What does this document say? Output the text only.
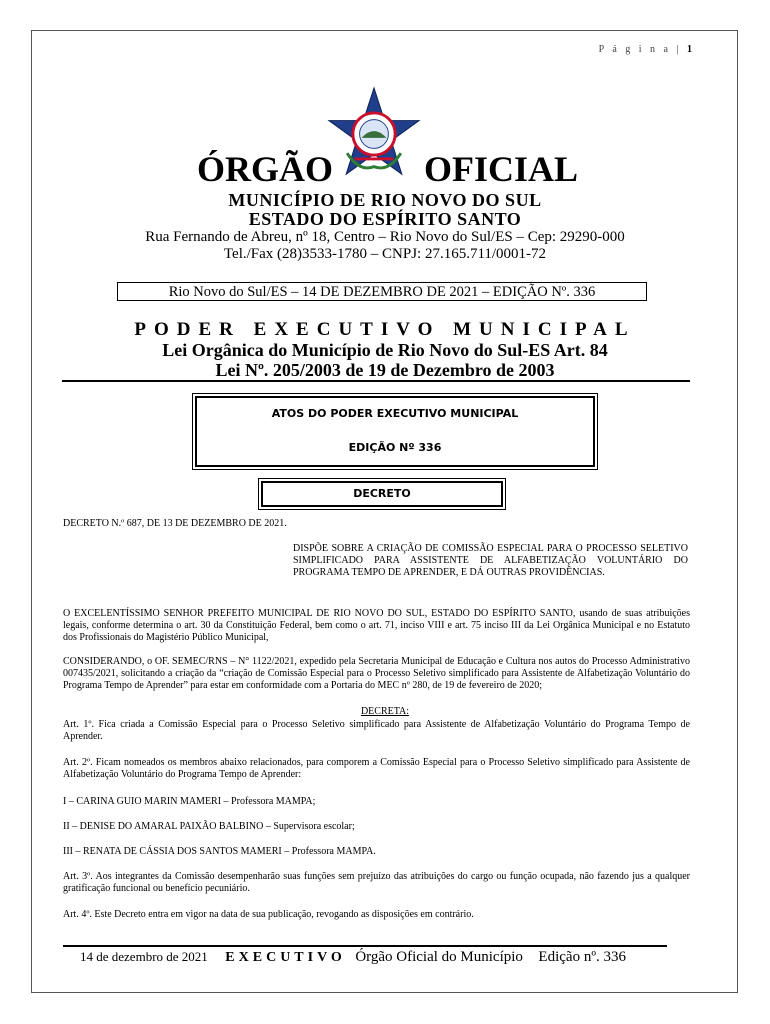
P á g i n a | 1
ÓRGÃO	OFICIAL
MUNICÍPIO DE RIO NOVO DO SUL
ESTADO DO ESPÍRITO SANTO
Rua Fernando de Abreu, nº 18, Centro – Rio Novo do Sul/ES – Cep: 29290-000
Tel./Fax (28)3533-1780 – CNPJ: 27.165.711/0001-72
Rio Novo do Sul/ES – 14 DE DEZEMBRO DE 2021 – EDIÇÃO Nº. 336
PODER EXECUTIVO MUNICIPAL
Lei Orgânica do Município de Rio Novo do Sul-ES Art. 84
Lei Nº. 205/2003 de 19 de Dezembro de 2003
ATOS DO PODER EXECUTIVO MUNICIPAL
EDIÇÃO Nº 336
DECRETO
DECRETO N.º 687, DE 13 DE DEZEMBRO DE 2021.
DISPÕE SOBRE A CRIAÇÃO DE COMISSÃO ESPECIAL PARA O PROCESSO SELETIVO SIMPLIFICADO PARA ASSISTENTE DE ALFABETIZAÇÃO VOLUNTÁRIO DO PROGRAMA TEMPO DE APRENDER, E DÁ OUTRAS PROVIDÊNCIAS.
O EXCELENTÍSSIMO SENHOR PREFEITO MUNICIPAL DE RIO NOVO DO SUL, ESTADO DO ESPÍRITO SANTO, usando de suas atribuições legais, conforme determina o art. 30 da Constituição Federal, bem como o art. 71, inciso VIII e art. 75 inciso III da Lei Orgânica Municipal e no Estatuto dos Profissionais do Magistério Público Municipal,
CONSIDERANDO, o OF. SEMEC/RNS – N° 1122/2021, expedido pela Secretaria Municipal de Educação e Cultura nos autos do Processo Administrativo 007435/2021, solicitando a criação da “criação de Comissão Especial para o Processo Seletivo simplificado para Assistente de Alfabetização Voluntário do Programa Tempo de Aprender” para estar em conformidade com a Portaria do MEC nº 280, de 19 de fevereiro de 2020;
DECRETA:
Art. 1º. Fica criada a Comissão Especial para o Processo Seletivo simplificado para Assistente de Alfabetização Voluntário do Programa Tempo de Aprender.
Art. 2º. Ficam nomeados os membros abaixo relacionados, para comporem a Comissão Especial para o Processo Seletivo simplificado para Assistente de Alfabetização Voluntário do Programa Tempo de Aprender:
I – CARINA GUIO MARIN MAMERI – Professora MAMPA;
II – DENISE DO AMARAL PAIXÃO BALBINO – Supervisora escolar;
III – RENATA DE CÁSSIA DOS SANTOS MAMERI – Professora MAMPA.
Art. 3º. Aos integrantes da Comissão desempenharão suas funções sem prejuízo das atribuições do cargo ou função ocupada, não fazendo jus a qualquer gratificação funcional ou benefício pecuniário.
Art. 4º. Este Decreto entra em vigor na data de sua publicação, revogando as disposições em contrário.
14 de dezembro de 2021 EXECUTIVO Órgão Oficial do Município Edição nº. 336
